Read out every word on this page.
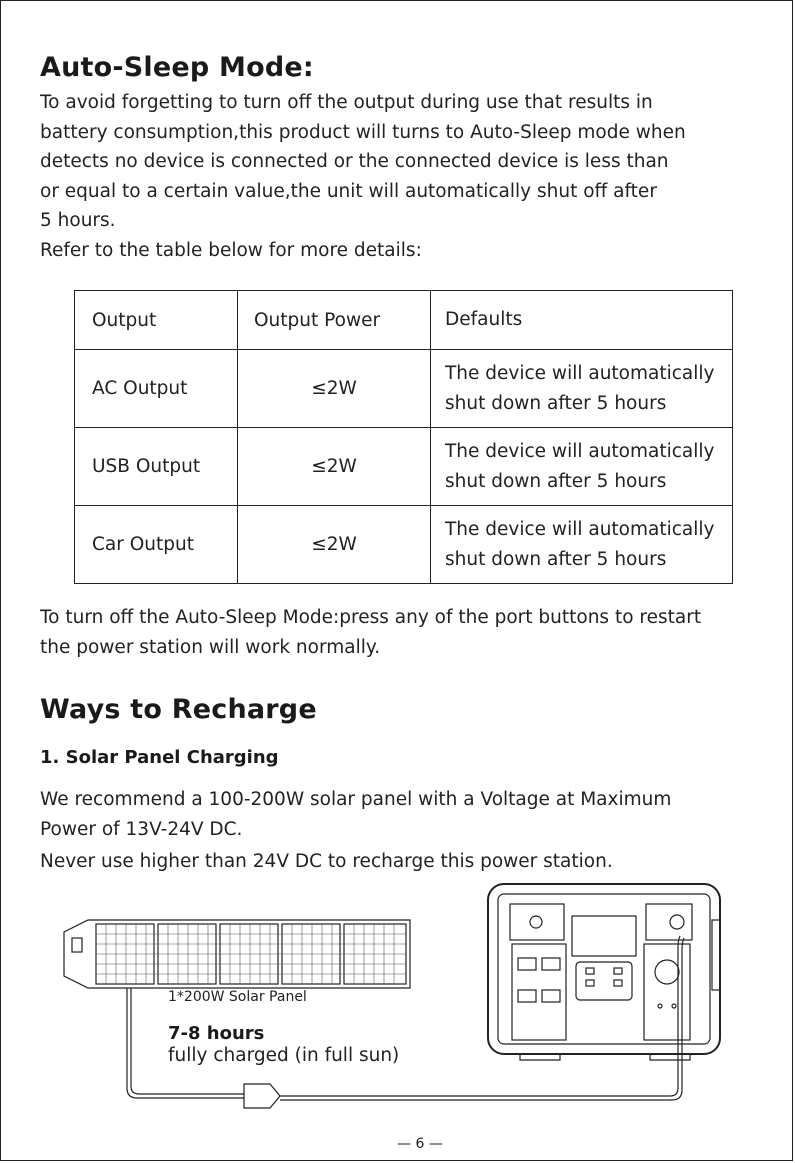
Auto-Sleep Mode:
To avoid forgetting to turn off the output during use that results in
battery consumption,this product will turns to Auto-Sleep mode when
detects no device is connected or the connected device is less than
or equal to a certain value,the unit will automatically shut off after
5 hours.
Refer to the table below for more details:
Output	Output Power	Defaults
AC Output	≤2W	The device will automatically
shut down after 5 hours

USB Output	≤2W	The device will automatically
shut down after 5 hours

Car Output	≤2W	The device will automatically
shut down after 5 hours
To turn off the Auto-Sleep Mode:press any of the port buttons to restart
the power station will work normally.
Ways to Recharge
1. Solar Panel Charging
We recommend a 100-200W solar panel with a Voltage at Maximum
Power of 13V-24V DC.
Never use higher than 24V DC to recharge this power station.
1*200W Solar Panel
7-8 hours
fully charged (in full sun)
— 6 —
